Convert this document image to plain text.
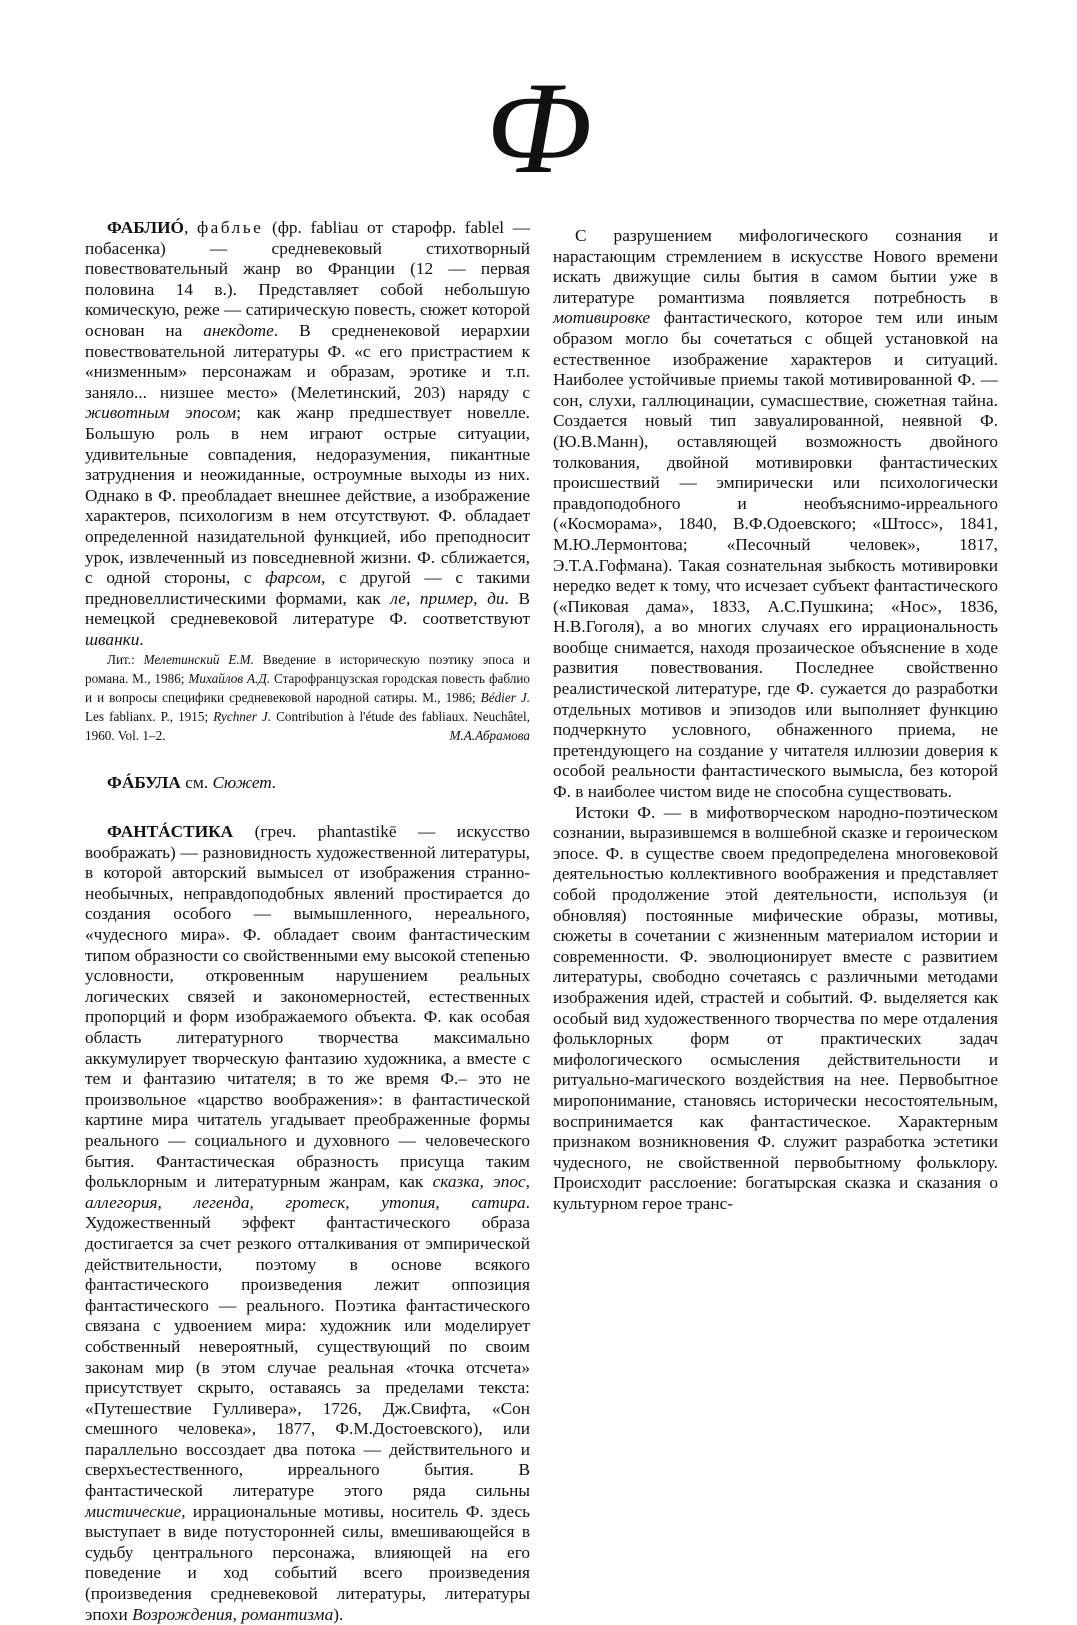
Ф

ФАБЛИÓ, фаблье (фр. fabliau от старофр. fablel — побасенка) — средневековый стихотворный повествовательный жанр во Франции (12 — первая половина 14 в.). Представляет собой небольшую комическую, реже — сатирическую повесть, сюжет которой основан на анекдоте. В средненековой иерархии повествовательной литературы Ф. «с его пристрастием к «низменным» персонажам и образам, эротике и т.п. заняло... низшее место» (Мелетинский, 203) наряду с животным эпосом; как жанр предшествует новелле. Большую роль в нем играют острые ситуации, удивительные совпадения, недоразумения, пикантные затруднения и неожиданные, остроумные выходы из них. Однако в Ф. преобладает внешнее действие, а изображение характеров, психологизм в нем отсутствуют. Ф. обладает определенной назидательной функцией, ибо преподносит урок, извлеченный из повседневной жизни. Ф. сближается, с одной стороны, с фарсом, с другой — с такими предновеллистическими формами, как ле, пример, ди. В немецкой средневековой литературе Ф. соответствуют шванки.

Лит.: Мелетинский Е.М. Введение в историческую поэтику эпоса и романа. М., 1986; Михайлов А.Д. Старофранцузская городская повесть фаблио и и вопросы специфики средневековой народной сатиры. М., 1986; Bédier J. Les fablianx. P., 1915; Rychner J. Contribution à l'étude des fabliaux. Neuchâtel, 1960. Vol. 1–2.	М.А.Абрамова

ФÁБУЛА см. Сюжет.

ФАНТÁСТИКА (греч. phantastikē — искусство воображать) — разновидность художественной литературы, в которой авторский вымысел от изображения странно-необычных, неправдоподобных явлений простирается до создания особого — вымышленного, нереального, «чудесного мира». Ф. обладает своим фантастическим типом образности со свойственными ему высокой степенью условности, откровенным нарушением реальных логических связей и закономерностей, естественных пропорций и форм изображаемого объекта. Ф. как особая область литературного творчества максимально аккумулирует творческую фантазию художника, а вместе с тем и фантазию читателя; в то же время Ф.– это не произвольное «царство воображения»: в фантастической картине мира читатель угадывает преображенные формы реального — социального и духовного — человеческого бытия. Фантастическая образность присуща таким фольклорным и литературным жанрам, как сказка, эпос, аллегория, легенда, гротеск, утопия, сатира. Художественный эффект фантастического образа достигается за счет резкого отталкивания от эмпирической действительности, поэтому в основе всякого фантастического произведения лежит оппозиция фантастического — реального. Поэтика фантастического связана с удвоением мира: художник или моделирует собственный невероятный, существующий по своим законам мир (в этом случае реальная «точка отсчета» присутствует скрыто, оставаясь за пределами текста: «Путешествие Гулливера», 1726, Дж.Свифта, «Сон смешного человека», 1877, Ф.М.Достоевского), или параллельно воссоздает два потока — действительного и сверхъестественного, ирреального бытия. В фантастической литературе этого ряда сильны мистические, иррациональные мотивы, носитель Ф. здесь выступает в виде потусторонней силы, вмешивающейся в судьбу центрального персонажа, влияющей на его поведение и ход событий всего произведения (произведения средневековой литературы, литературы эпохи Возрождения, романтизма).

С разрушением мифологического сознания и нарастающим стремлением в искусстве Нового времени искать движущие силы бытия в самом бытии уже в литературе романтизма появляется потребность в мотивировке фантастического, которое тем или иным образом могло бы сочетаться с общей установкой на естественное изображение характеров и ситуаций. Наиболее устойчивые приемы такой мотивированной Ф. — сон, слухи, галлюцинации, сумасшествие, сюжетная тайна. Создается новый тип завуалированной, неявной Ф. (Ю.В.Манн), оставляющей возможность двойного толкования, двойной мотивировки фантастических происшествий — эмпирически или психологически правдоподобного и необъяснимо-ирреального («Косморама», 1840, В.Ф.Одоевского; «Штосс», 1841, М.Ю.Лермонтова; «Песочный человек», 1817, Э.Т.А.Гофмана). Такая сознательная зыбкость мотивировки нередко ведет к тому, что исчезает субъект фантастического («Пиковая дама», 1833, А.С.Пушкина; «Нос», 1836, Н.В.Гоголя), а во многих случаях его иррациональность вообще снимается, находя прозаическое объяснение в ходе развития повествования. Последнее свойственно реалистической литературе, где Ф. сужается до разработки отдельных мотивов и эпизодов или выполняет функцию подчеркнуто условного, обнаженного приема, не претендующего на создание у читателя иллюзии доверия к особой реальности фантастического вымысла, без которой Ф. в наиболее чистом виде не способна существовать.

Истоки Ф. — в мифотворческом народно-поэтическом сознании, выразившемся в волшебной сказке и героическом эпосе. Ф. в существе своем предопределена многовековой деятельностью коллективного воображения и представляет собой продолжение этой деятельности, используя (и обновляя) постоянные мифические образы, мотивы, сюжеты в сочетании с жизненным материалом истории и современности. Ф. эволюционирует вместе с развитием литературы, свободно сочетаясь с различными методами изображения идей, страстей и событий. Ф. выделяется как особый вид художественного творчества по мере отдаления фольклорных форм от практических задач мифологического осмысления действительности и ритуально-магического воздействия на нее. Первобытное миропонимание, становясь исторически несостоятельным, воспринимается как фантастическое. Характерным признаком возникновения Ф. служит разработка эстетики чудесного, не свойственной первобытному фольклору. Происходит расслоение: богатырская сказка и сказания о культурном герое транс-
